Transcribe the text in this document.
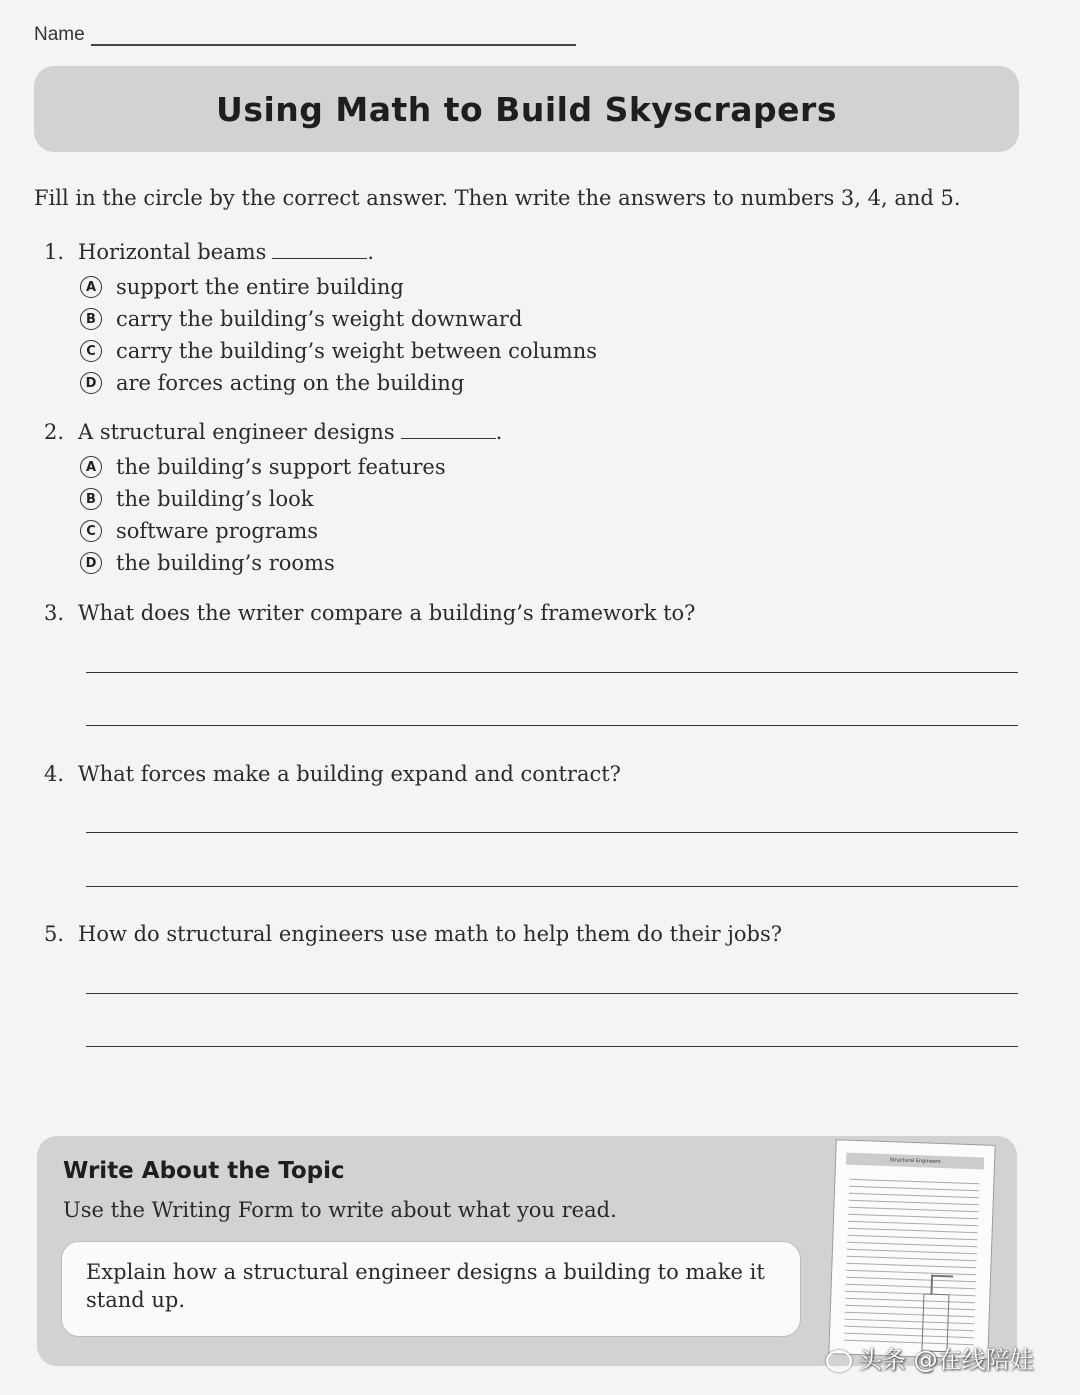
Name
Using Math to Build Skyscrapers
Fill in the circle by the correct answer. Then write the answers to numbers 3, 4, and 5.
1. Horizontal beams	.
A support the entire building
B carry the building’s weight downward
C carry the building’s weight between columns
D are forces acting on the building
2. A structural engineer designs	.
A the building’s support features
B the building’s look
C software programs
D the building’s rooms
3. What does the writer compare a building’s framework to?
4. What forces make a building expand and contract?
5. How do structural engineers use math to help them do their jobs?
Write About the Topic
Use the Writing Form to write about what you read.
Explain how a structural engineer designs a building to make it stand up.
Structural Engineers
头条 @在线陪娃
